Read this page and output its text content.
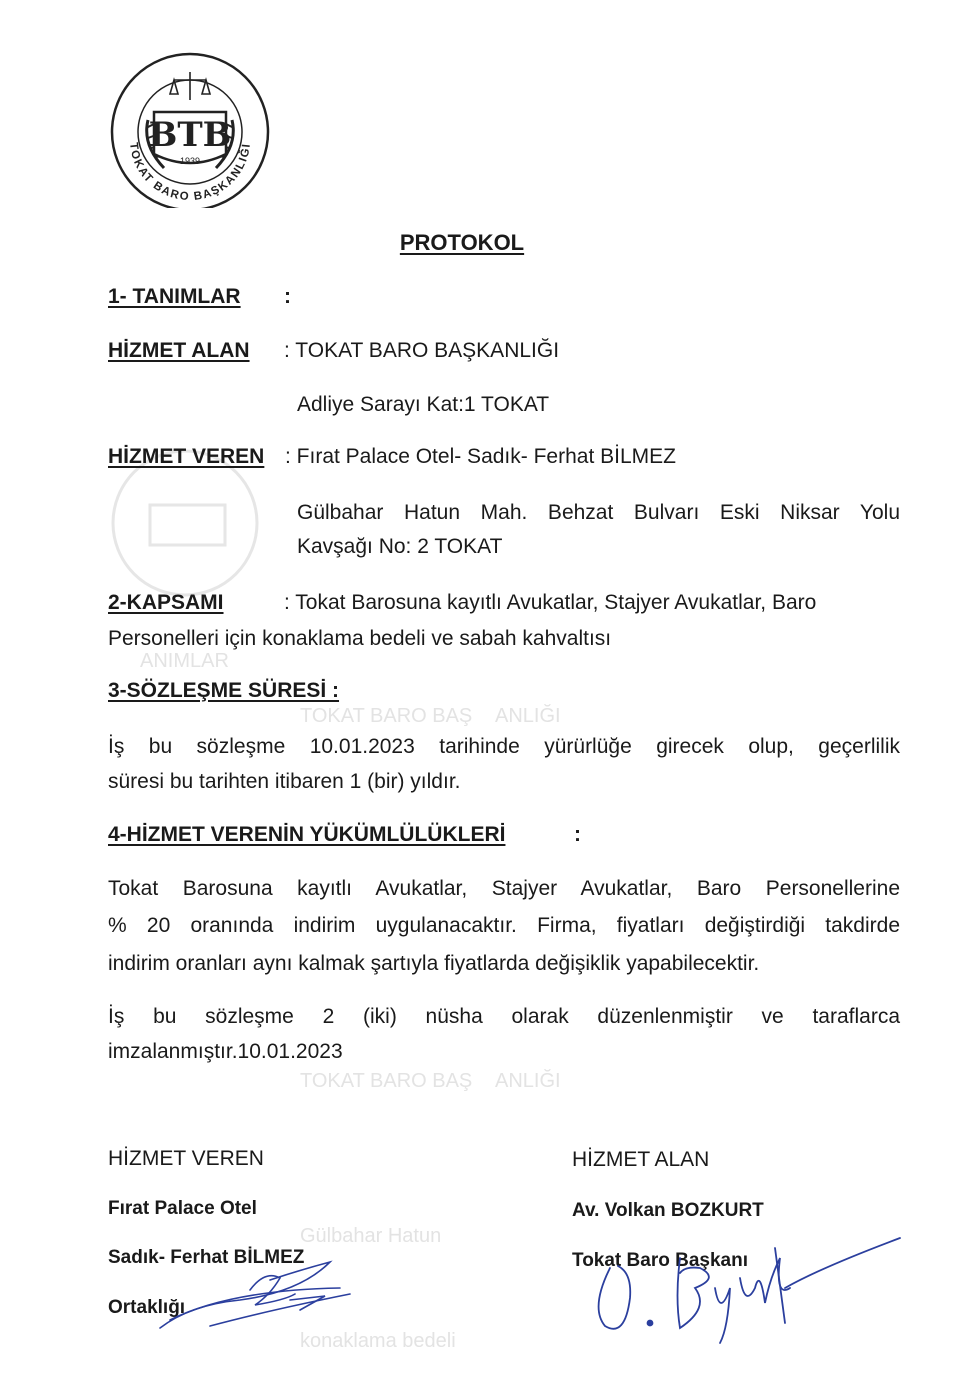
ANIMLAR
TOKAT BARO BAŞ ANLIĞI
TOKAT BARO BAŞ ANLIĞI
Gülbahar Hatun
konaklama bedeli
BTB
1939
TOKAT BARO BAŞKANLIĞI
PROTOKOL
1- TANIMLAR :
HİZMET ALAN : TOKAT BARO BAŞKANLIĞI
Adliye Sarayı Kat:1 TOKAT
HİZMET VEREN : Fırat Palace Otel- Sadık- Ferhat BİLMEZ
Gülbahar Hatun Mah. Behzat Bulvarı Eski Niksar Yolu
Kavşağı No: 2 TOKAT
2-KAPSAMI	: Tokat Barosuna kayıtlı Avukatlar, Stajyer Avukatlar, Baro
Personelleri için konaklama bedeli ve sabah kahvaltısı
3-SÖZLEŞME SÜRESİ :
İş bu sözleşme 10.01.2023 tarihinde yürürlüğe girecek olup, geçerlilik
süresi bu tarihten itibaren 1 (bir) yıldır.
4-HİZMET VERENİN YÜKÜMLÜLÜKLERİ	:
Tokat Barosuna kayıtlı Avukatlar, Stajyer Avukatlar, Baro Personellerine
% 20 oranında indirim uygulanacaktır. Firma, fiyatları değiştirdiği takdirde
indirim oranları aynı kalmak şartıyla fiyatlarda değişiklik yapabilecektir.
İş bu sözleşme 2 (iki) nüsha olarak düzenlenmiştir ve taraflarca
imzalanmıştır.10.01.2023
HİZMET VEREN
Fırat Palace Otel
Sadık- Ferhat BİLMEZ
Ortaklığı
HİZMET ALAN
Av. Volkan BOZKURT
Tokat Baro Başkanı
